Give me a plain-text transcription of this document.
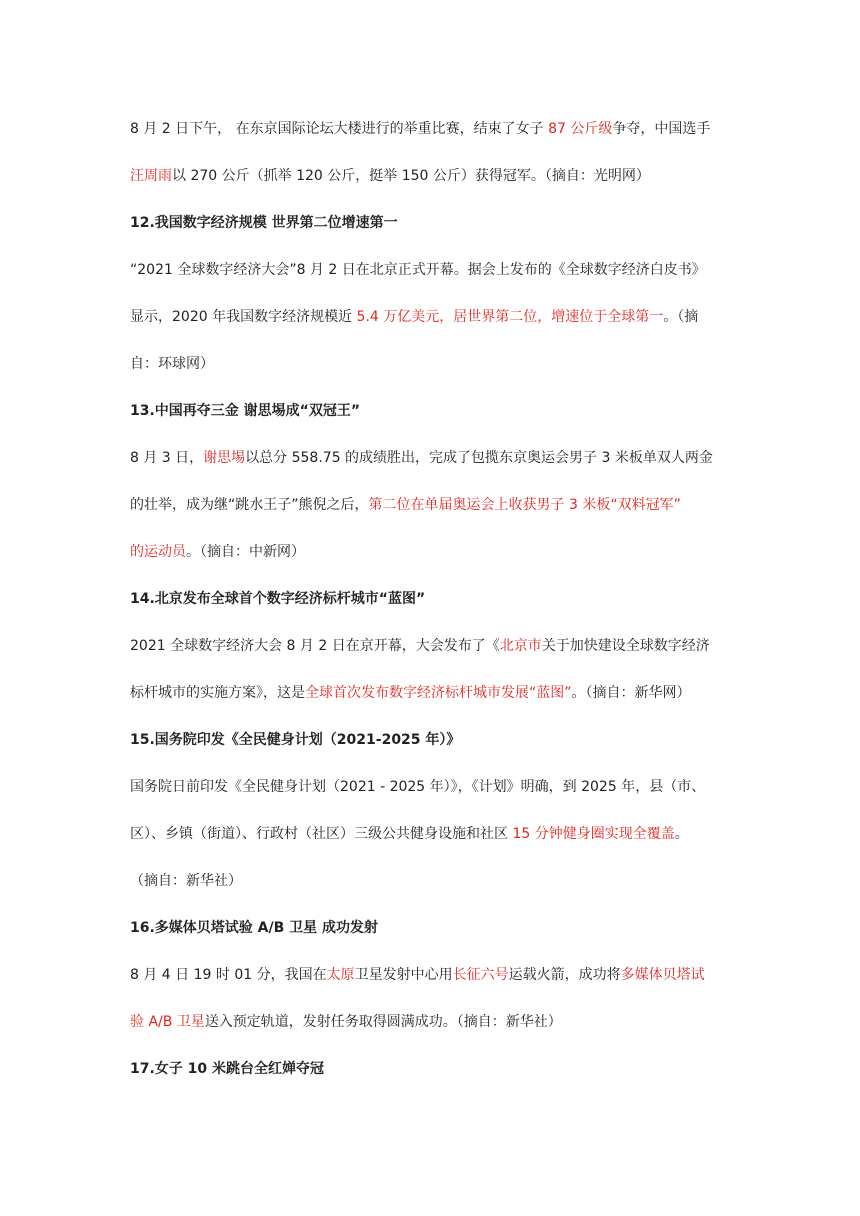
8 月 2 日下午， 在东京国际论坛大楼进行的举重比赛，结束了女子 87 公斤级争夺，中国选手
汪周雨以 270 公斤（抓举 120 公斤，挺举 150 公斤）获得冠军。（摘自：光明网）
12.我国数字经济规模 世界第二位增速第一
“2021 全球数字经济大会”8 月 2 日在北京正式开幕。据会上发布的《全球数字经济白皮书》
显示，2020 年我国数字经济规模近 5.4 万亿美元，居世界第二位，增速位于全球第一。（摘
自：环球网）
13.中国再夺三金 谢思埸成“双冠王”
8 月 3 日，谢思埸以总分 558.75 的成绩胜出，完成了包揽东京奥运会男子 3 米板单双人两金
的壮举，成为继“跳水王子”熊倪之后，第二位在单届奥运会上收获男子 3 米板“双料冠军”
的运动员。（摘自：中新网）
14.北京发布全球首个数字经济标杆城市“蓝图”
2021 全球数字经济大会 8 月 2 日在京开幕，大会发布了《北京市关于加快建设全球数字经济
标杆城市的实施方案》，这是全球首次发布数字经济标杆城市发展“蓝图”。（摘自：新华网）
15.国务院印发《全民健身计划（2021-2025 年）》
国务院日前印发《全民健身计划（2021 - 2025 年）》，《计划》明确，到 2025 年，县（市、
区）、乡镇（街道）、行政村（社区）三级公共健身设施和社区 15 分钟健身圈实现全覆盖。
（摘自：新华社）
16.多媒体贝塔试验 A/B 卫星 成功发射
8 月 4 日 19 时 01 分，我国在太原卫星发射中心用长征六号运载火箭，成功将多媒体贝塔试
验 A/B 卫星送入预定轨道，发射任务取得圆满成功。（摘自：新华社）
17.女子 10 米跳台全红婵夺冠
